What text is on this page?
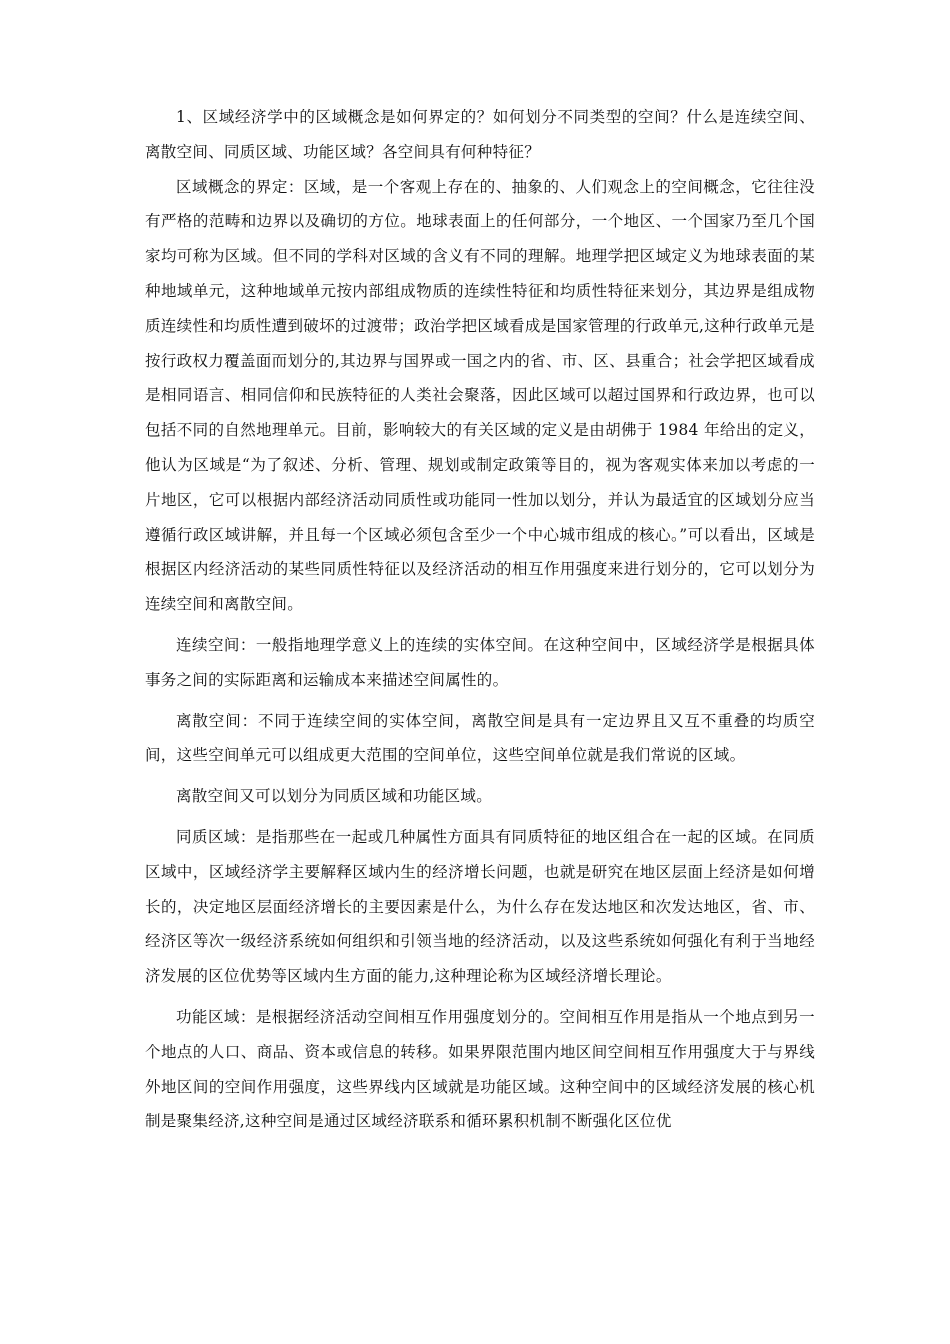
1、区域经济学中的区域概念是如何界定的？如何划分不同类型的空间？什么是连续空间、离散空间、同质区域、功能区域？各空间具有何种特征？

区域概念的界定：区域，是一个客观上存在的、抽象的、人们观念上的空间概念，它往往没有严格的范畴和边界以及确切的方位。地球表面上的任何部分，一个地区、一个国家乃至几个国家均可称为区域。但不同的学科对区域的含义有不同的理解。地理学把区域定义为地球表面的某种地域单元，这种地域单元按内部组成物质的连续性特征和均质性特征来划分，其边界是组成物质连续性和均质性遭到破坏的过渡带；政治学把区域看成是国家管理的行政单元,这种行政单元是按行政权力覆盖面而划分的,其边界与国界或一国之内的省、市、区、县重合；社会学把区域看成是相同语言、相同信仰和民族特征的人类社会聚落，因此区域可以超过国界和行政边界，也可以包括不同的自然地理单元。目前，影响较大的有关区域的定义是由胡佛于 1984 年给出的定义，他认为区域是“为了叙述、分析、管理、规划或制定政策等目的，视为客观实体来加以考虑的一片地区，它可以根据内部经济活动同质性或功能同一性加以划分，并认为最适宜的区域划分应当遵循行政区域讲解，并且每一个区域必须包含至少一个中心城市组成的核心。”可以看出，区域是根据区内经济活动的某些同质性特征以及经济活动的相互作用强度来进行划分的，它可以划分为连续空间和离散空间。

连续空间：一般指地理学意义上的连续的实体空间。在这种空间中，区域经济学是根据具体事务之间的实际距离和运输成本来描述空间属性的。

离散空间：不同于连续空间的实体空间，离散空间是具有一定边界且又互不重叠的均质空间，这些空间单元可以组成更大范围的空间单位，这些空间单位就是我们常说的区域。

离散空间又可以划分为同质区域和功能区域。

同质区域：是指那些在一起或几种属性方面具有同质特征的地区组合在一起的区域。在同质区域中，区域经济学主要解释区域内生的经济增长问题，也就是研究在地区层面上经济是如何增长的，决定地区层面经济增长的主要因素是什么，为什么存在发达地区和次发达地区，省、市、经济区等次一级经济系统如何组织和引领当地的经济活动，以及这些系统如何强化有利于当地经济发展的区位优势等区域内生方面的能力,这种理论称为区域经济增长理论。

功能区域：是根据经济活动空间相互作用强度划分的。空间相互作用是指从一个地点到另一个地点的人口、商品、资本或信息的转移。如果界限范围内地区间空间相互作用强度大于与界线外地区间的空间作用强度，这些界线内区域就是功能区域。这种空间中的区域经济发展的核心机制是聚集经济,这种空间是通过区域经济联系和循环累积机制不断强化区位优
